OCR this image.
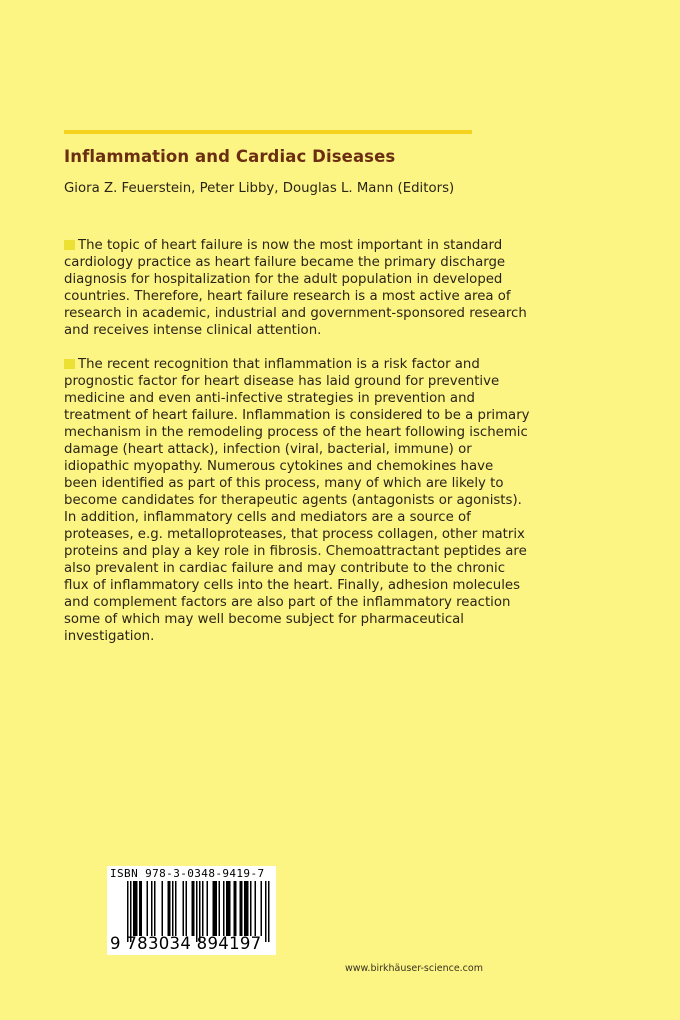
Inflammation and Cardiac Diseases
Giora Z. Feuerstein, Peter Libby, Douglas L. Mann (Editors)
The topic of heart failure is now the most important in standard
cardiology practice as heart failure became the primary discharge
diagnosis for hospitalization for the adult population in developed
countries. Therefore, heart failure research is a most active area of
research in academic, industrial and government-sponsored research
and receives intense clinical attention.
The recent recognition that inflammation is a risk factor and
prognostic factor for heart disease has laid ground for preventive
medicine and even anti-infective strategies in prevention and
treatment of heart failure. Inflammation is considered to be a primary
mechanism in the remodeling process of the heart following ischemic
damage (heart attack), infection (viral, bacterial, immune) or
idiopathic myopathy. Numerous cytokines and chemokines have
been identified as part of this process, many of which are likely to
become candidates for therapeutic agents (antagonists or agonists).
In addition, inflammatory cells and mediators are a source of
proteases, e.g. metalloproteases, that process collagen, other matrix
proteins and play a key role in fibrosis. Chemoattractant peptides are
also prevalent in cardiac failure and may contribute to the chronic
flux of inflammatory cells into the heart. Finally, adhesion molecules
and complement factors are also part of the inflammatory reaction
some of which may well become subject for pharmaceutical
investigation.
ISBN 978-3-0348-9419-7
9 783034 894197
www.birkhäuser-science.com
